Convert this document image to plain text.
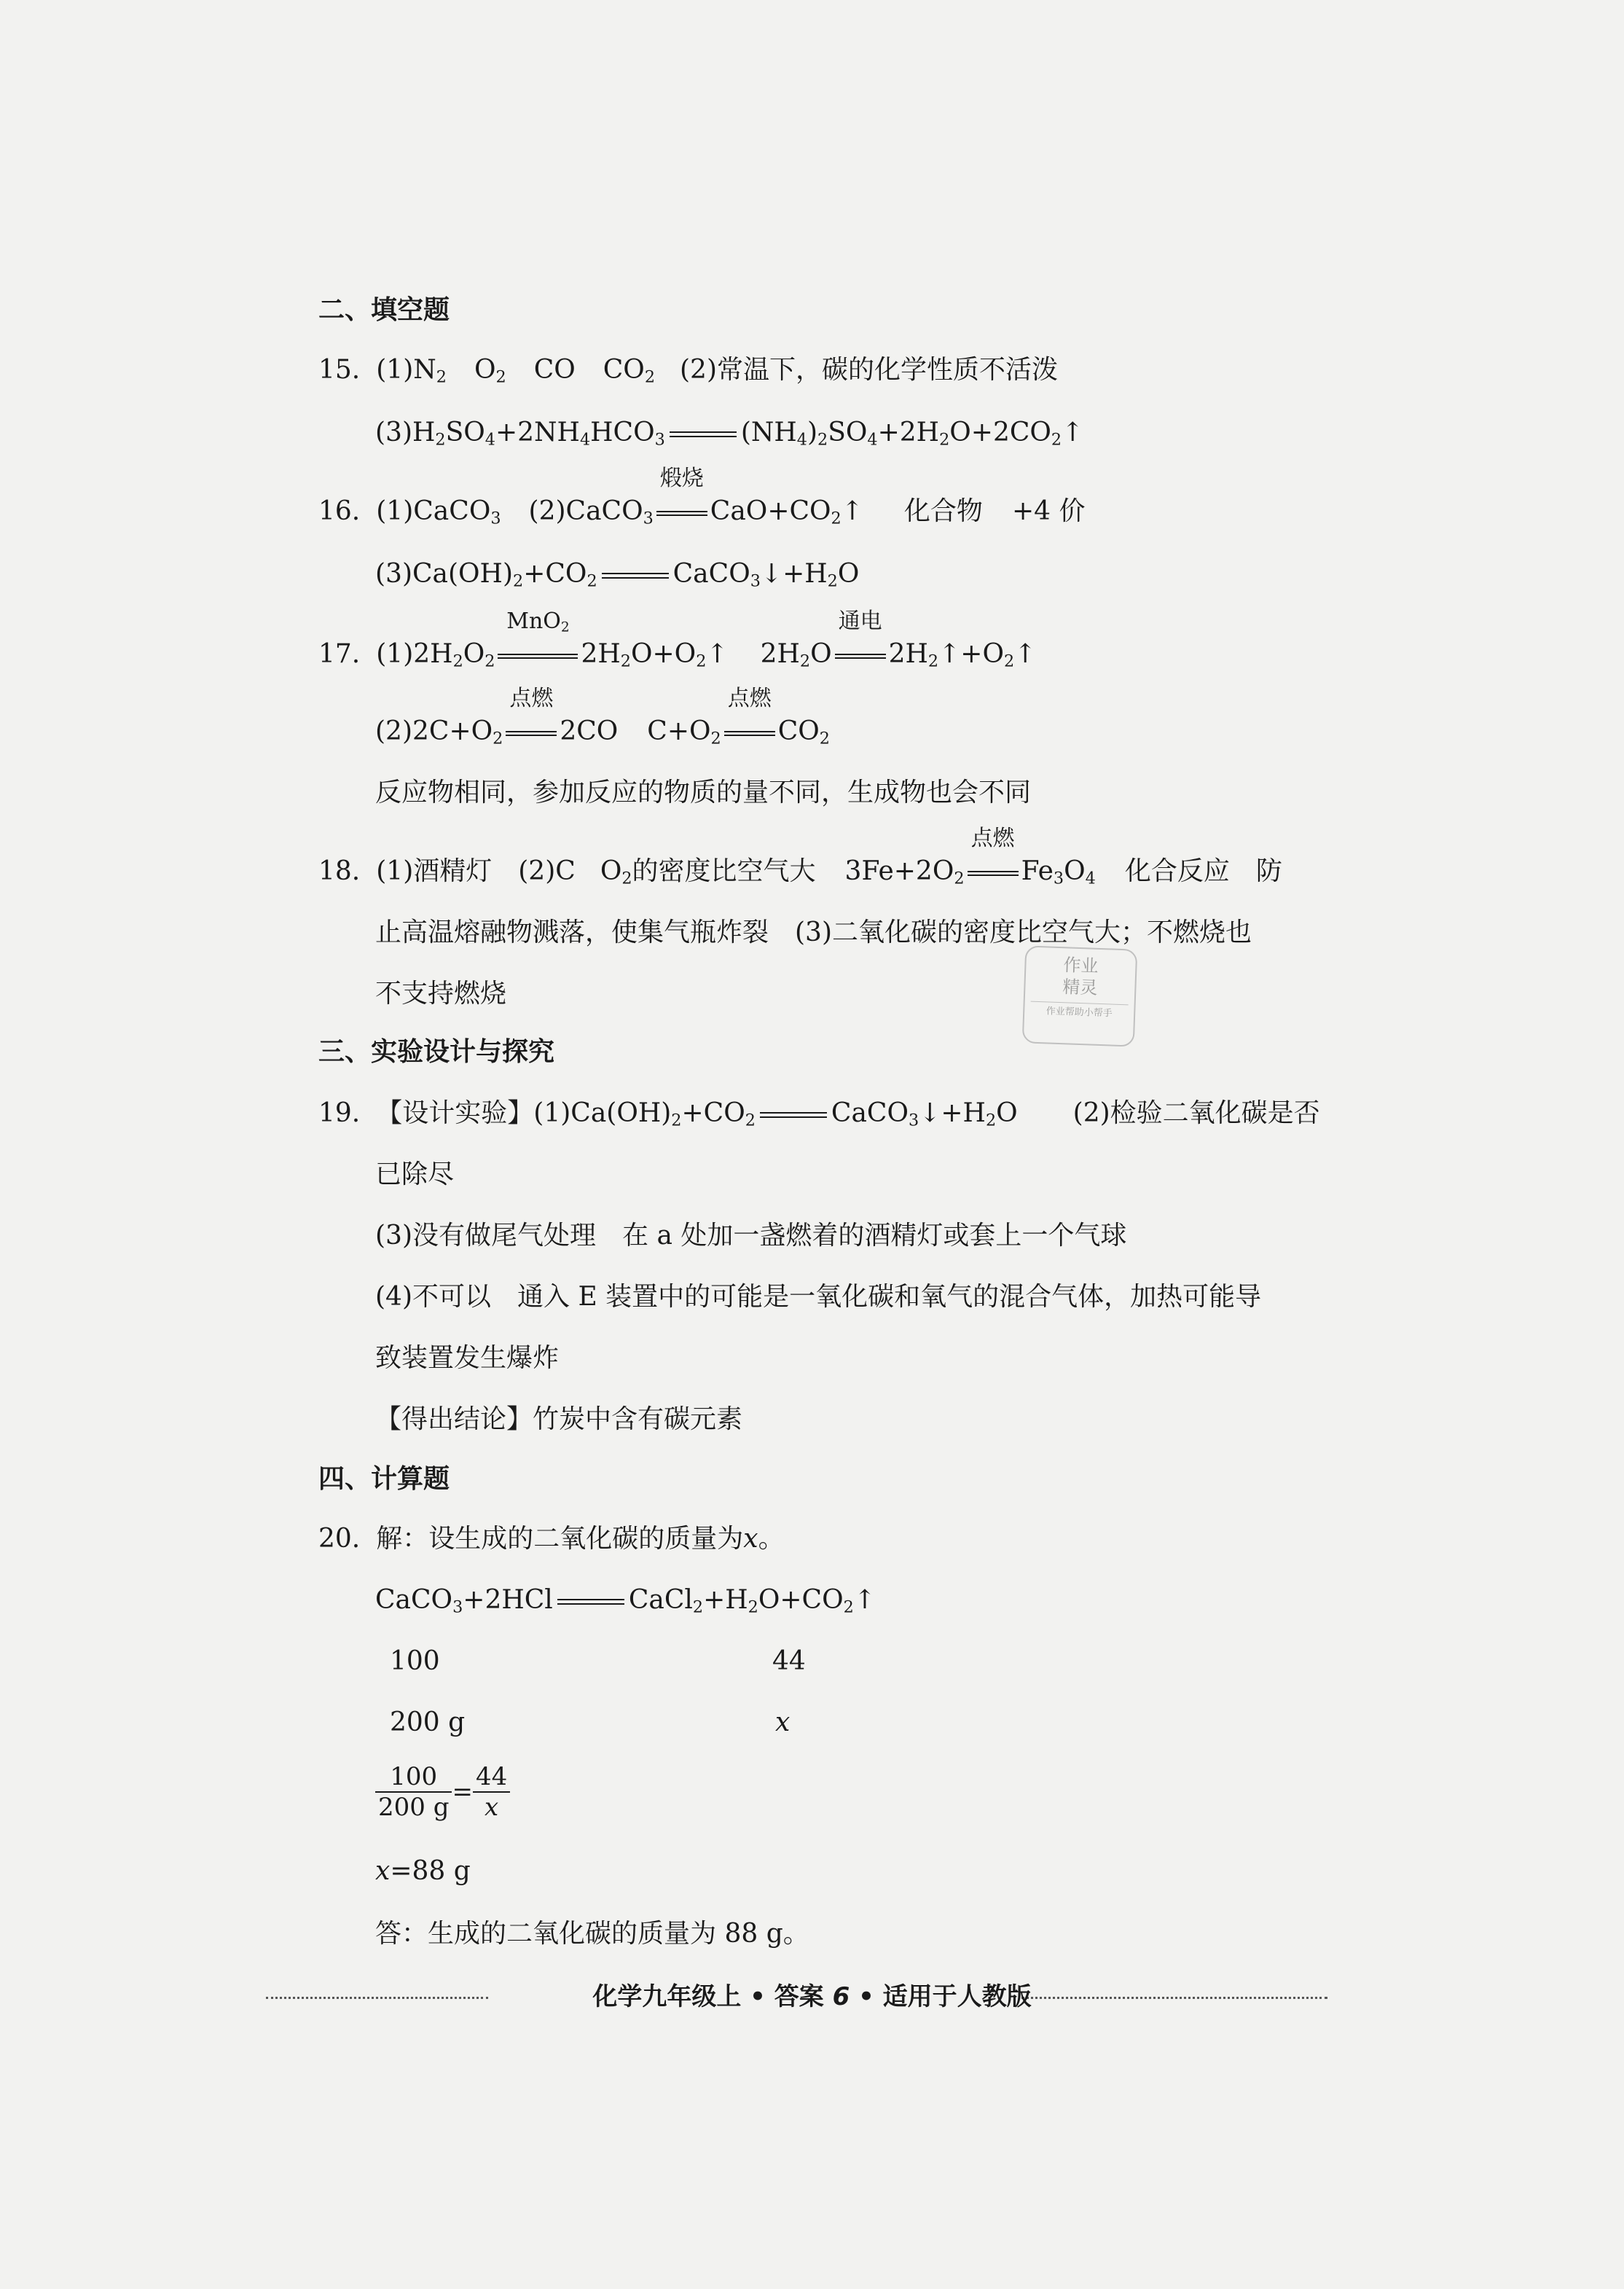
二、填空题
15. $(1)N_2$ $O_2$ CO $CO_2$ (2)常温下，碳的化学性质不活泼
$(3)H_2SO_4+2NH_4HCO_3$	$(NH_4)_2SO_4+2H_2O+2CO_2↑$
16. (1)CaCO$_3$ (2)CaCO$_3$
煅烧
$CaO+CO_2↑$ 化合物 +4 价
$(3)Ca(OH)_2+CO_2$	$CaCO_3↓+H_2O$
17. $(1)2H_2O_2$
MnO$_2$
$2H_2O+O_2↑$ $2H_2O$
通电
$2H_2↑+O_2↑$
$(2)2C+O_2$
点燃
2CO $C+O_2$
点燃
$CO_2$
反应物相同，参加反应的物质的量不同，生成物也会不同
18. (1)酒精灯 (2)C $O_2$的密度比空气大 $3Fe+2O_2$
点燃
$Fe_3O_4$ 化合反应 防
止高温熔融物溅落，使集气瓶炸裂 (3)二氧化碳的密度比空气大；不燃烧也
不支持燃烧
作业
精灵
作业帮助小帮手
三、实验设计与探究
19. 【设计实验】$(1)Ca(OH)_2+CO_2$	$CaCO_3↓+H_2O$ (2)检验二氧化碳是否
已除尽
(3)没有做尾气处理 在 a 处加一盏燃着的酒精灯或套上一个气球
(4)不可以 通入 E 装置中的可能是一氧化碳和氧气的混合气体，加热可能导
致装置发生爆炸
【得出结论】竹炭中含有碳元素
四、计算题
20. 解：设生成的二氧化碳的质量为x。
CaCO$_3$+2HCl	$CaCl_2+H_2O+CO_2↑$
100	44
200 g	x
$\frac{100}{200 g} = \frac{44}{x}$
x=88 g
答：生成的二氧化碳的质量为 88 g。
化学九年级上 • 答案 6 • 适用于人教版
